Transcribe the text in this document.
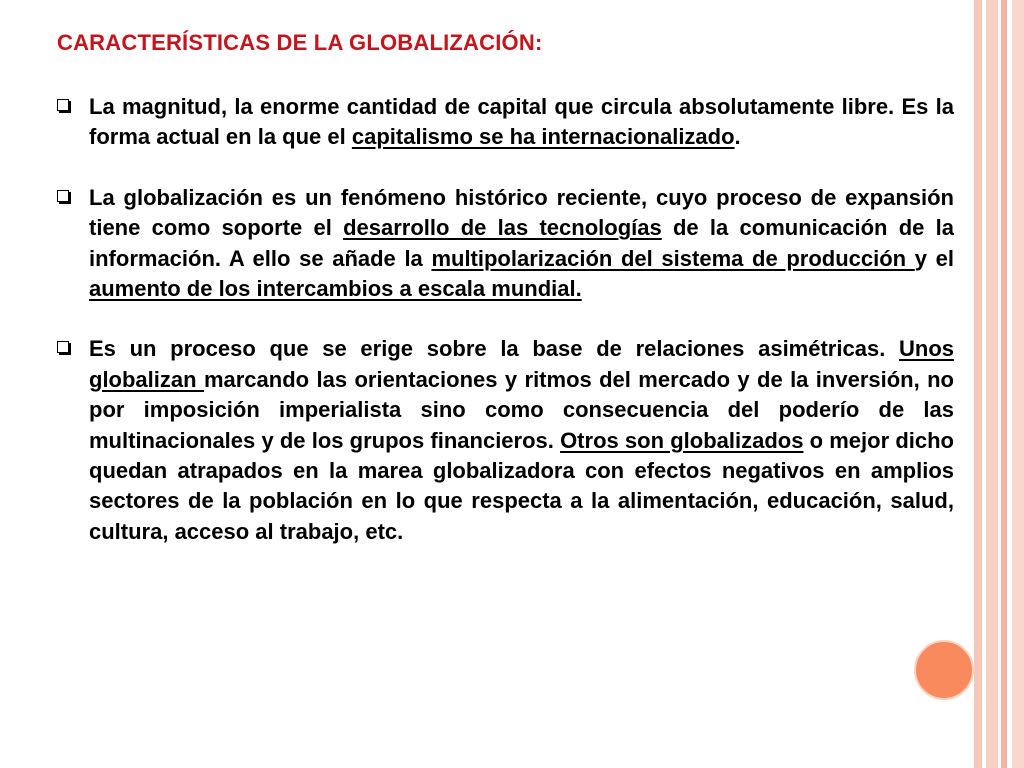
CARACTERÍSTICAS DE LA GLOBALIZACIÓN:

La magnitud, la enorme cantidad de capital que circula absolutamente libre. Es la forma actual en la que el capitalismo se ha internacionalizado.

La globalización es un fenómeno histórico reciente, cuyo proceso de expansión tiene como soporte el desarrollo de las tecnologías de la comunicación de la información. A ello se añade la multipolarización del sistema de producción y el aumento de los intercambios a escala mundial.

Es un proceso que se erige sobre la base de relaciones asimétricas. Unos globalizan marcando las orientaciones y ritmos del mercado y de la inversión, no por imposición imperialista sino como consecuencia del poderío de las multinacionales y de los grupos financieros. Otros son globalizados o mejor dicho quedan atrapados en la marea globalizadora con efectos negativos en amplios sectores de la población en lo que respecta a la alimentación, educación, salud, cultura, acceso al trabajo, etc.
